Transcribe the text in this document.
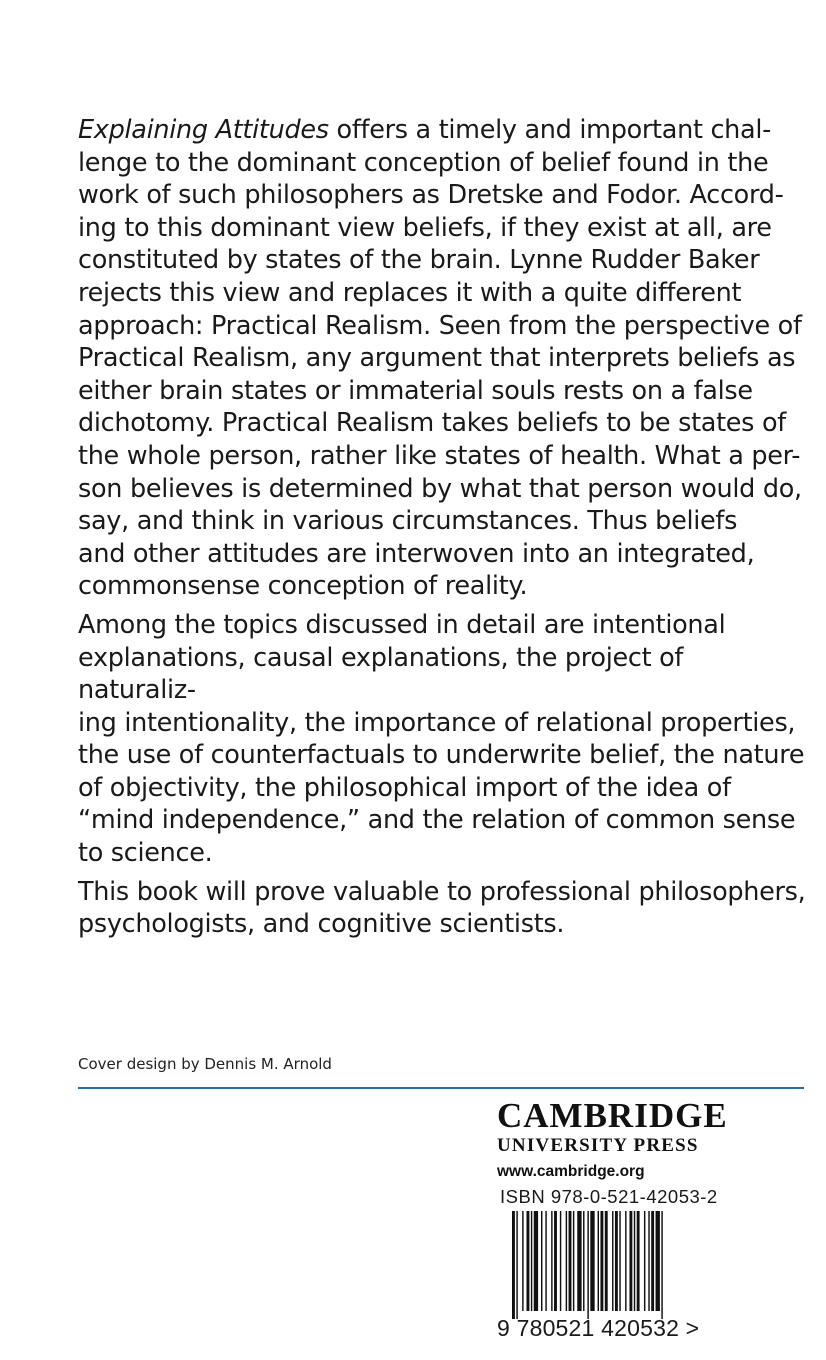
Explaining Attitudes offers a timely and important chal-
lenge to the dominant conception of belief found in the
work of such philosophers as Dretske and Fodor. Accord-
ing to this dominant view beliefs, if they exist at all, are
constituted by states of the brain. Lynne Rudder Baker
rejects this view and replaces it with a quite different
approach: Practical Realism. Seen from the perspective of
Practical Realism, any argument that interprets beliefs as
either brain states or immaterial souls rests on a false
dichotomy. Practical Realism takes beliefs to be states of
the whole person, rather like states of health. What a per-
son believes is determined by what that person would do,
say, and think in various circumstances. Thus beliefs
and other attitudes are interwoven into an integrated,
commonsense conception of reality.

Among the topics discussed in detail are intentional
explanations, causal explanations, the project of naturaliz-
ing intentionality, the importance of relational properties,
the use of counterfactuals to underwrite belief, the nature
of objectivity, the philosophical import of the idea of
“mind independence,” and the relation of common sense
to science.

This book will prove valuable to professional philosophers,
psychologists, and cognitive scientists.

Cover design by Dennis M. Arnold
CAMBRIDGE
UNIVERSITY PRESS
www.cambridge.org
ISBN 978-0-521-42053-2
9 780521 420532 >
